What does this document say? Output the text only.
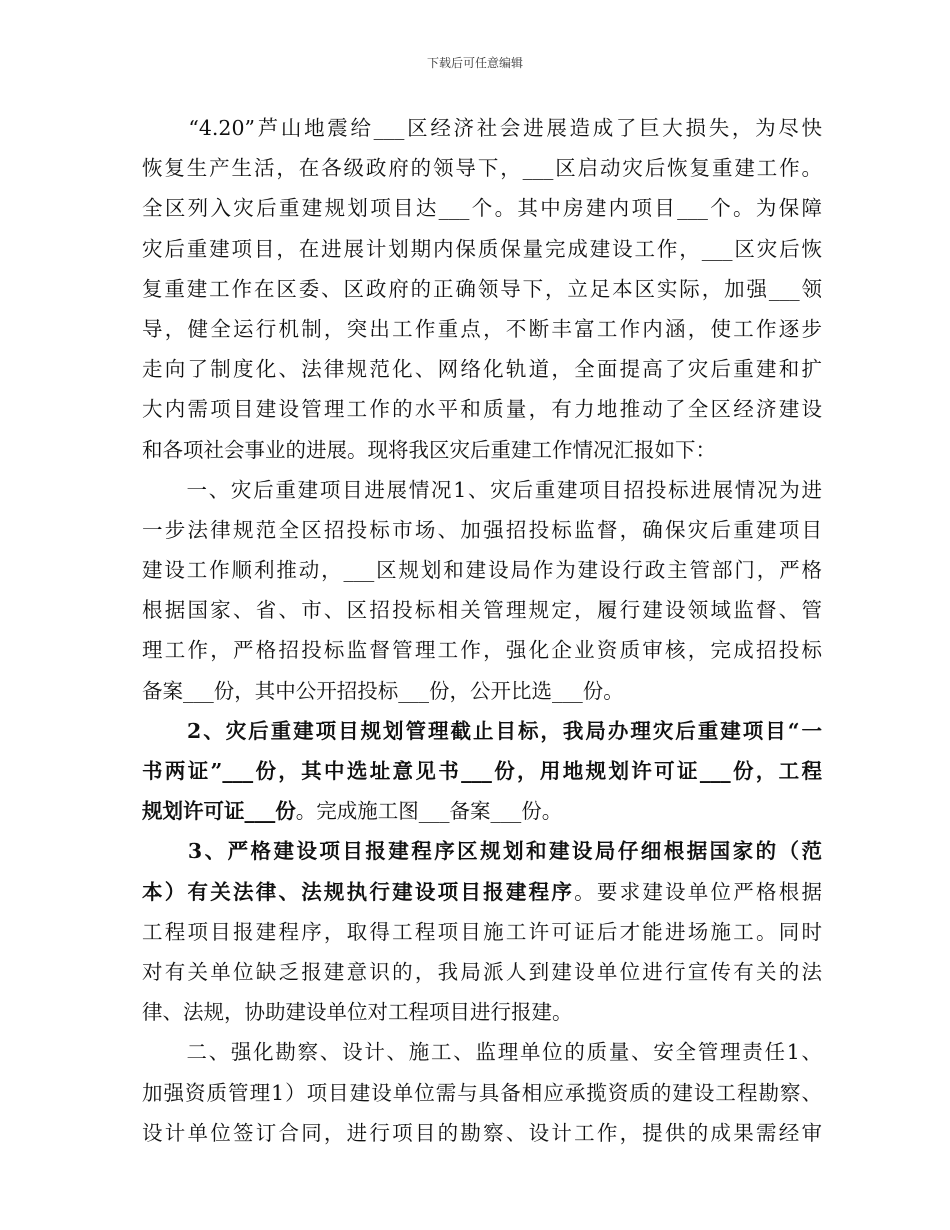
下载后可任意编辑
　　“4.20”芦山地震给___区经济社会进展造成了巨大损失，为尽快
恢复生产生活，在各级政府的领导下，___区启动灾后恢复重建工作。
全区列入灾后重建规划项目达___个。其中房建内项目___个。为保障
灾后重建项目，在进展计划期内保质保量完成建设工作，___区灾后恢
复重建工作在区委、区政府的正确领导下，立足本区实际，加强___领
导，健全运行机制，突出工作重点，不断丰富工作内涵，使工作逐步
走向了制度化、法律规范化、网络化轨道，全面提高了灾后重建和扩
大内需项目建设管理工作的水平和质量，有力地推动了全区经济建设
和各项社会事业的进展。现将我区灾后重建工作情况汇报如下：
　　一、灾后重建项目进展情况1、灾后重建项目招投标进展情况为进
一步法律规范全区招投标市场、加强招投标监督，确保灾后重建项目
建设工作顺利推动，___区规划和建设局作为建设行政主管部门，严格
根据国家、省、市、区招投标相关管理规定，履行建设领域监督、管
理工作，严格招投标监督管理工作，强化企业资质审核，完成招投标
备案___份，其中公开招投标___份，公开比选___份。
　　2、灾后重建项目规划管理截止目标，我局办理灾后重建项目“一
书两证”___份，其中选址意见书___份，用地规划许可证___份，工程
规划许可证___份。完成施工图___备案___份。
　　3、严格建设项目报建程序区规划和建设局仔细根据国家的（范
本）有关法律、法规执行建设项目报建程序。要求建设单位严格根据
工程项目报建程序，取得工程项目施工许可证后才能进场施工。同时
对有关单位缺乏报建意识的，我局派人到建设单位进行宣传有关的法
律、法规，协助建设单位对工程项目进行报建。
　　二、强化勘察、设计、施工、监理单位的质量、安全管理责任1、
加强资质管理1）项目建设单位需与具备相应承揽资质的建设工程勘察、
设计单位签订合同，进行项目的勘察、设计工作，提供的成果需经审
